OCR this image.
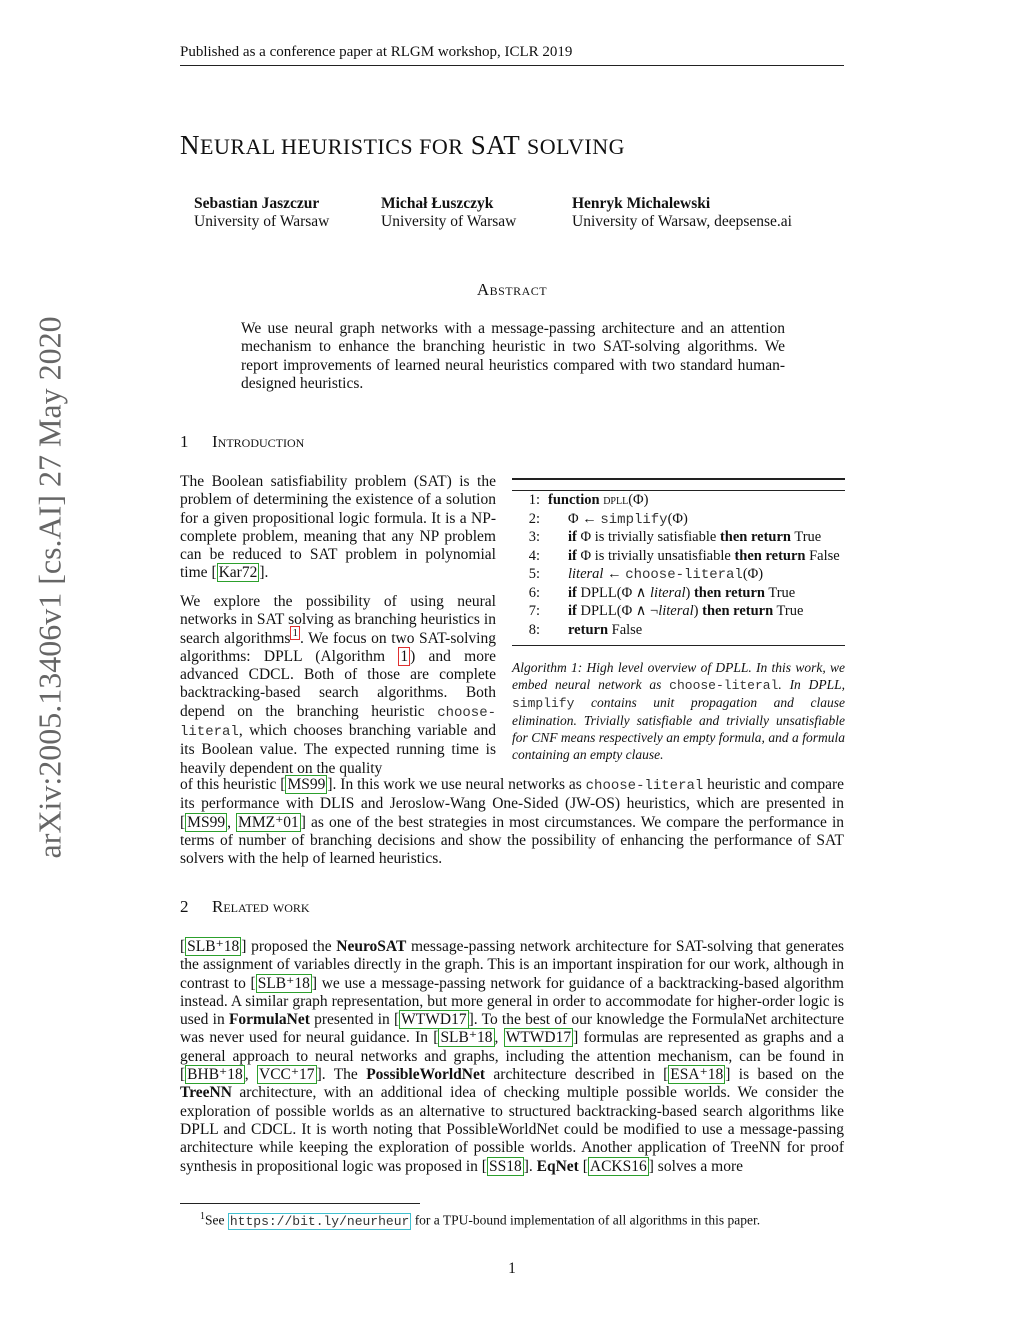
Published as a conference paper at RLGM workshop, ICLR 2019
NEURAL HEURISTICS FOR SAT SOLVING
Sebastian Jaszczur
University of Warsaw
Michał Łuszczyk
University of Warsaw
Henryk Michalewski
University of Warsaw, deepsense.ai
arXiv:2005.13406v1 [cs.AI] 27 May 2020
Abstract
We use neural graph networks with a message-passing architecture and an attention mechanism to enhance the branching heuristic in two SAT-solving algorithms. We report improvements of learned neural heuristics compared with two standard human-designed heuristics.
1 Introduction
The Boolean satisfiability problem (SAT) is the problem of determining the existence of a solution for a given propositional logic formula. It is a NP-complete problem, meaning that any NP problem can be reduced to SAT problem in polynomial time [ Kar72 ].
We explore the possibility of using neural networks in SAT solving as branching heuristics in search algorithms $^1$ . We focus on two SAT-solving algorithms: DPLL (Algorithm 1 ) and more advanced CDCL. Both of those are complete backtracking-based search algorithms. Both depend on the branching heuristic choose-literal, which chooses branching variable and its Boolean value. The expected running time is heavily dependent on the quality
of this heuristic [ MS99 ]. In this work we use neural networks as choose-literal heuristic and compare its performance with DLIS and Jeroslow-Wang One-Sided (JW-OS) heuristics, which are presented in [ MS99 , MMZ⁺01 ] as one of the best strategies in most circumstances. We compare the performance in terms of number of branching decisions and show the possibility of enhancing the performance of SAT solvers with the help of learned heuristics.
1: function dpll(Φ)
2: Φ ← simplify(Φ)
3: if Φ is trivially satisfiable then return True
4: if Φ is trivially unsatisfiable then return False
5: literal ← choose-literal(Φ)
6: if DPLL(Φ ∧ literal) then return True
7: if DPLL(Φ ∧ ¬literal) then return True
8: return False
Algorithm 1: High level overview of DPLL. In this work, we embed neural network as choose-literal. In DPLL, simplify contains unit propagation and clause elimination. Trivially satisfiable and trivially unsatisfiable for CNF means respectively an empty formula, and a formula containing an empty clause.
2 Related work
[ SLB⁺18 ] proposed the NeuroSAT message-passing network architecture for SAT-solving that generates the assignment of variables directly in the graph. This is an important inspiration for our work, although in contrast to [ SLB⁺18 ] we use a message-passing network for guidance of a backtracking-based algorithm instead. A similar graph representation, but more general in order to accommodate for higher-order logic is used in FormulaNet presented in [ WTWD17 ]. To the best of our knowledge the FormulaNet architecture was never used for neural guidance. In [ SLB⁺18 , WTWD17 ] formulas are represented as graphs and a general approach to neural networks and graphs, including the attention mechanism, can be found in [ BHB⁺18 , VCC⁺17 ]. The PossibleWorldNet architecture described in [ ESA⁺18 ] is based on the TreeNN architecture, with an additional idea of checking multiple possible worlds. We consider the exploration of possible worlds as an alternative to structured backtracking-based search algorithms like DPLL and CDCL. It is worth noting that PossibleWorldNet could be modified to use a message-passing architecture while keeping the exploration of possible worlds. Another application of TreeNN for proof synthesis in propositional logic was proposed in [ SS18 ]. EqNet [ ACKS16 ] solves a more
$^1$See https://bit.ly/neurheur for a TPU-bound implementation of all algorithms in this paper.
1
